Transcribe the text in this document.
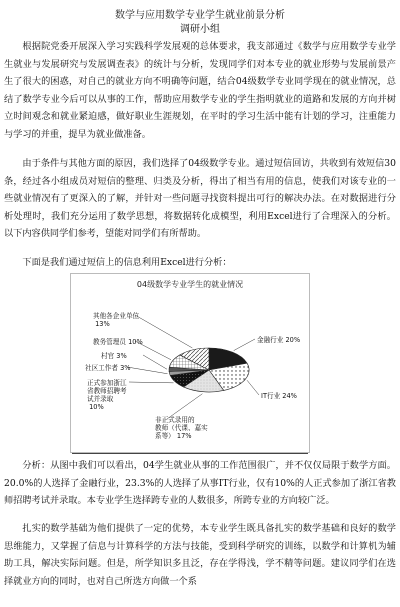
数学与应用数学专业学生就业前景分析
调研小组

根据院党委开展深入学习实践科学发展观的总体要求，我支部通过《数学与应用数学专业学生就业与发展研究与发展调查表》的统计与分析，发现同学们对本专业的就业形势与发展前景产生了很大的困惑，对自己的就业方向不明确等问题，结合04级数学专业同学现在的就业情况，总结了数学专业今后可以从事的工作，帮助应用数学专业的学生指明就业的道路和发展的方向并树立时间观念和就业紧迫感，做好职业生涯规划，在平时的学习生活中能有计划的学习，注重能力与学习的并重，提早为就业做准备。

由于条件与其他方面的原因，我们选择了04级数学专业。通过短信回访，共收到有效短信30条，经过各小组成员对短信的整理、归类及分析，得出了相当有用的信息，使我们对该专业的一些就业情况有了更深入的了解，并针对一些问题寻找资料提出可行的解决办法。在对数据进行分析处理时，我们充分运用了数学思想，将数据转化成模型，利用Excel进行了合理深入的分析。以下内容供同学们参考，望能对同学们有所帮助。

下面是我们通过短信上的信息利用Excel进行分析：

04级数学专业学生的就业情况
金融行业 20%
IT行业 24%
非正式录用的教师（代课、嘉实系等） 17%
正式参加浙江省教师招聘考试并录取 10%
社区工作者 3%
村官 3%
教务管理员 10%
其他各企业单位 13%

分析：从图中我们可以看出，04学生就业从事的工作范围很广，并不仅仅局限于数学方面。20.0%的人选择了金融行业，23.3%的人选择了从事IT行业，仅有10%的人正式参加了浙江省教师招聘考试并录取。本专业学生选择跨专业的人数很多，所跨专业的方向较广泛。

扎实的数学基础为他们提供了一定的优势，本专业学生既具备扎实的数学基础和良好的数学思维能力，又掌握了信息与计算科学的方法与技能，受到科学研究的训练，以数学和计算机为辅助工具，解决实际问题。但是，所学知识多且泛，存在学得浅，学不精等问题。建议同学们在选择就业方向的同时，也对自己所选方向做一个系
